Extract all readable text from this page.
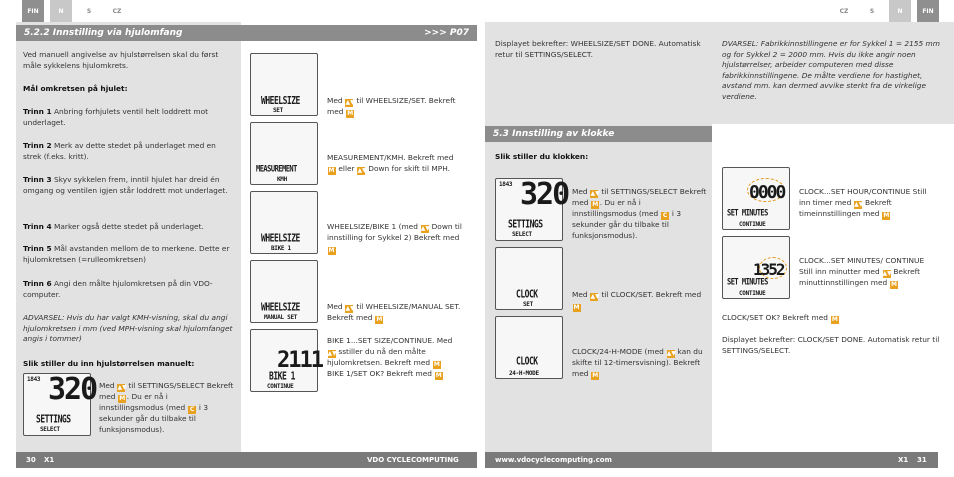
FIN	N	S	CZ	CZ	S	N	FIN
5.2.2 Innstilling via hjulomfang	>>> P07
Ved manuell angivelse av hjulstørrelsen skal du først måle sykkelens hjulomkrets.
Mål omkretsen på hjulet:
Trinn 1 Anbring forhjulets ventil helt loddrett mot underlaget.
Trinn 2 Merk av dette stedet på underlaget med en strek (f.eks. kritt).
Trinn 3 Skyv sykkelen frem, inntil hjulet har dreid én omgang og ventilen igjen står loddrett mot underlaget.
Trinn 4 Marker også dette stedet på underlaget.
Trinn 5 Mål avstanden mellom de to merkene. Dette er hjulomkretsen (=rulleomkretsen)
Trinn 6 Angi den målte hjulomkretsen på din VDO-computer.
ADVARSEL: Hvis du har valgt KMH-visning, skal du angi hjulomkretsen i mm (ved MPH-visning skal hjulomfanget angis i tommer)
Slik stiller du inn hjulstørrelsen manuelt:
1843 320
SETTINGS
SELECT
Med ▲▼ til SETTINGS/SELECT Bekreft med M . Du er nå i innstillingsmodus (med C i 3 sekunder går du tilbake til funksjonsmodus).
WHEELSIZE
SET
Med ▲▼ til WHEELSIZE/SET. Bekreft med M
MEASUREMENT
KMH
MEASUREMENT/KMH. Bekreft med M eller ▲▼ Down for skift til MPH.
WHEELSIZE
BIKE 1
WHEELSIZE/BIKE 1 (med ▲▼ Down til innstilling for Sykkel 2) Bekreft med M
WHEELSIZE
MANUAL SET
Med ▲▼ til WHEELSIZE/MANUAL SET. Bekreft med M
2111
BIKE 1
CONTINUE
BIKE 1...SET SIZE/CONTINUE. Med ▲▼ sstiller du nå den målte hjulomkretsen. Bekreft med M
BIKE 1/SET OK? Bekreft med M
Displayet bekrefter: WHEELSIZE/SET DONE. Automatisk retur til SETTINGS/SELECT.
DVARSEL: Fabrikkinnstillingene er for Sykkel 1 = 2155 mm og for Sykkel 2 = 2000 mm. Hvis du ikke angir noen hjulstørrelser, arbeider computeren med disse fabrikkinnstillingene. De målte verdiene for hastighet, avstand mm. kan dermed avvike sterkt fra de virkelige verdiene.
5.3 Innstilling av klokke
Slik stiller du klokken:
1843 320
SETTINGS
SELECT
Med ▲▼ til SETTINGS/SELECT Bekreft med M . Du er nå i innstillingsmodus (med C i 3 sekunder går du tilbake til funksjonsmodus).
CLOCK
SET
Med ▲▼ til CLOCK/SET. Bekreft med M
CLOCK
24-H-MODE
CLOCK/24-H-MODE (med ▲▼ kan du skifte til 12-timersvisning). Bekreft med M
0000
SET MINUTES
CONTINUE
CLOCK...SET HOUR/CONTINUE Still inn timer med ▲▼ Bekreft timeinnstillingen med M
1352
SET MINUTES
CONTINUE
CLOCK...SET MINUTES/ CONTINUE Still inn minutter med ▲▼ Bekreft minuttinnstillingen med M
CLOCK/SET OK? Bekreft med M
Displayet bekrefter: CLOCK/SET DONE. Automatisk retur til SETTINGS/SELECT.
30 X1	VDO CYCLECOMPUTING	www.vdocyclecomputing.com	X1 31
